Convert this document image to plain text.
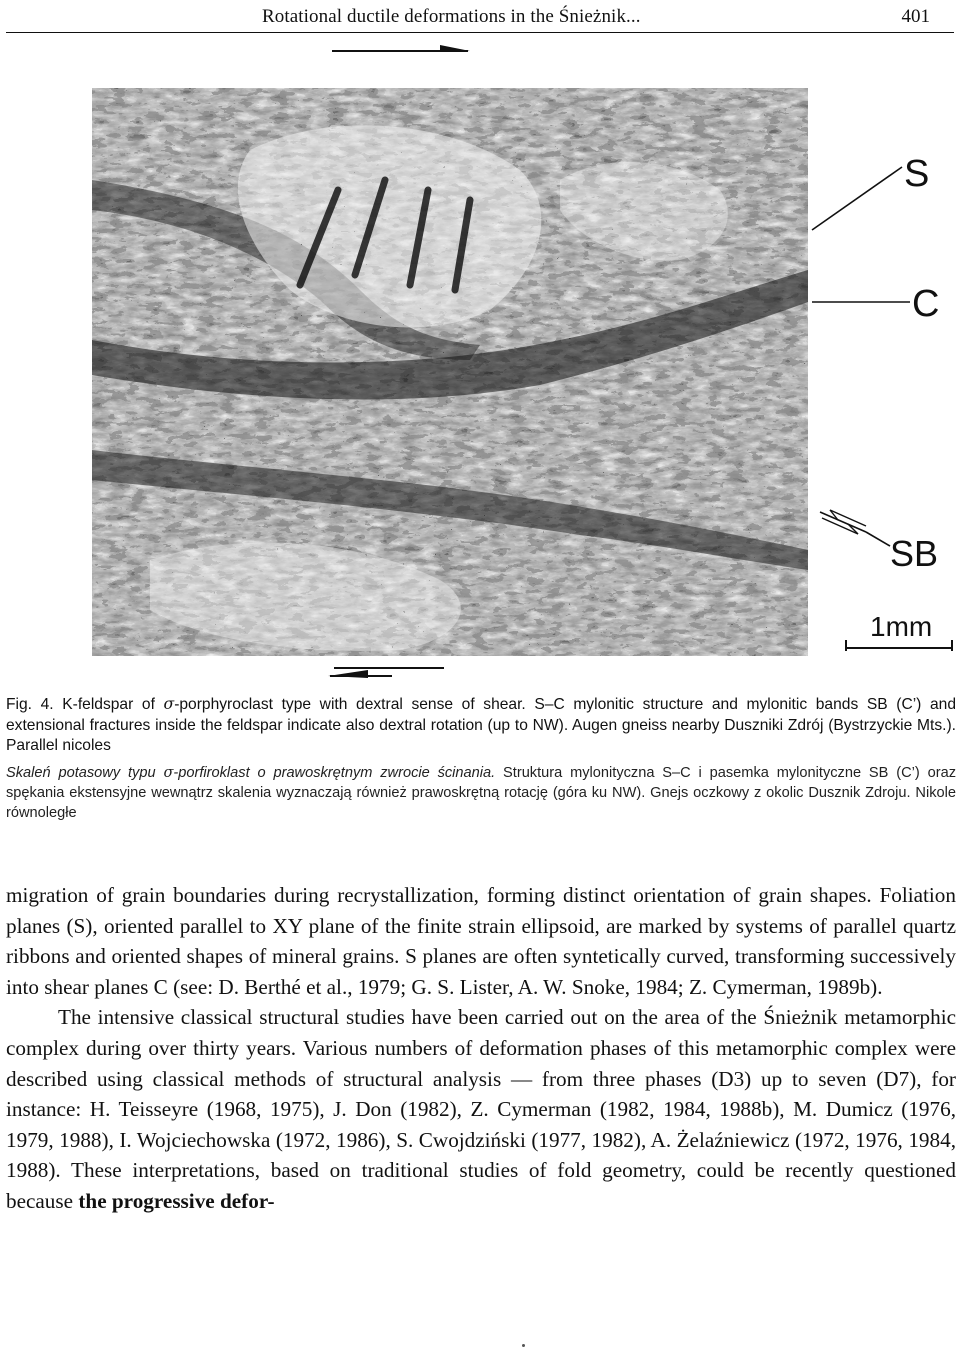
Rotational ductile deformations in the Śnieżnik...	401
S
C
SB
1mm

Fig. 4. K-feldspar of σ-porphyroclast type with dextral sense of shear. S–C mylonitic structure and mylonitic bands SB (C’) and extensional fractures inside the feldspar indicate also dextral rotation (up to NW). Augen gneiss nearby Duszniki Zdrój (Bystrzyckie Mts.). Parallel nicoles

Skaleń potasowy typu σ-porfiroklast o prawoskrętnym zwrocie ścinania. Struktura mylonityczna S–C i pasemka mylonityczne SB (C’) oraz spękania ekstensyjne wewnątrz skalenia wyznaczają również prawoskrętną rotację (góra ku NW). Gnejs oczkowy z okolic Dusznik Zdroju. Nikole równoległe

migration of grain boundaries during recrystallization, forming distinct orientation of grain shapes. Foliation planes (S), oriented parallel to XY plane of the finite strain ellipsoid, are marked by systems of parallel quartz ribbons and oriented shapes of mineral grains. S planes are often syntetically curved, transforming successively into shear planes C (see: D. Berthé et al., 1979; G. S. Lister, A. W. Snoke, 1984; Z. Cymerman, 1989b).

The intensive classical structural studies have been carried out on the area of the Śnieżnik metamorphic complex during over thirty years. Various numbers of deformation phases of this metamorphic complex were described using classical methods of structural analysis — from three phases (D3) up to seven (D7), for instance: H. Teisseyre (1968, 1975), J. Don (1982), Z. Cymerman (1982, 1984, 1988b), M. Dumicz (1976, 1979, 1988), I. Wojciechowska (1972, 1986), S. Cwojdziński (1977, 1982), A. Żelaźniewicz (1972, 1976, 1984, 1988). These interpretations, based on traditional studies of fold geometry, could be recently questioned because the progressive defor-
